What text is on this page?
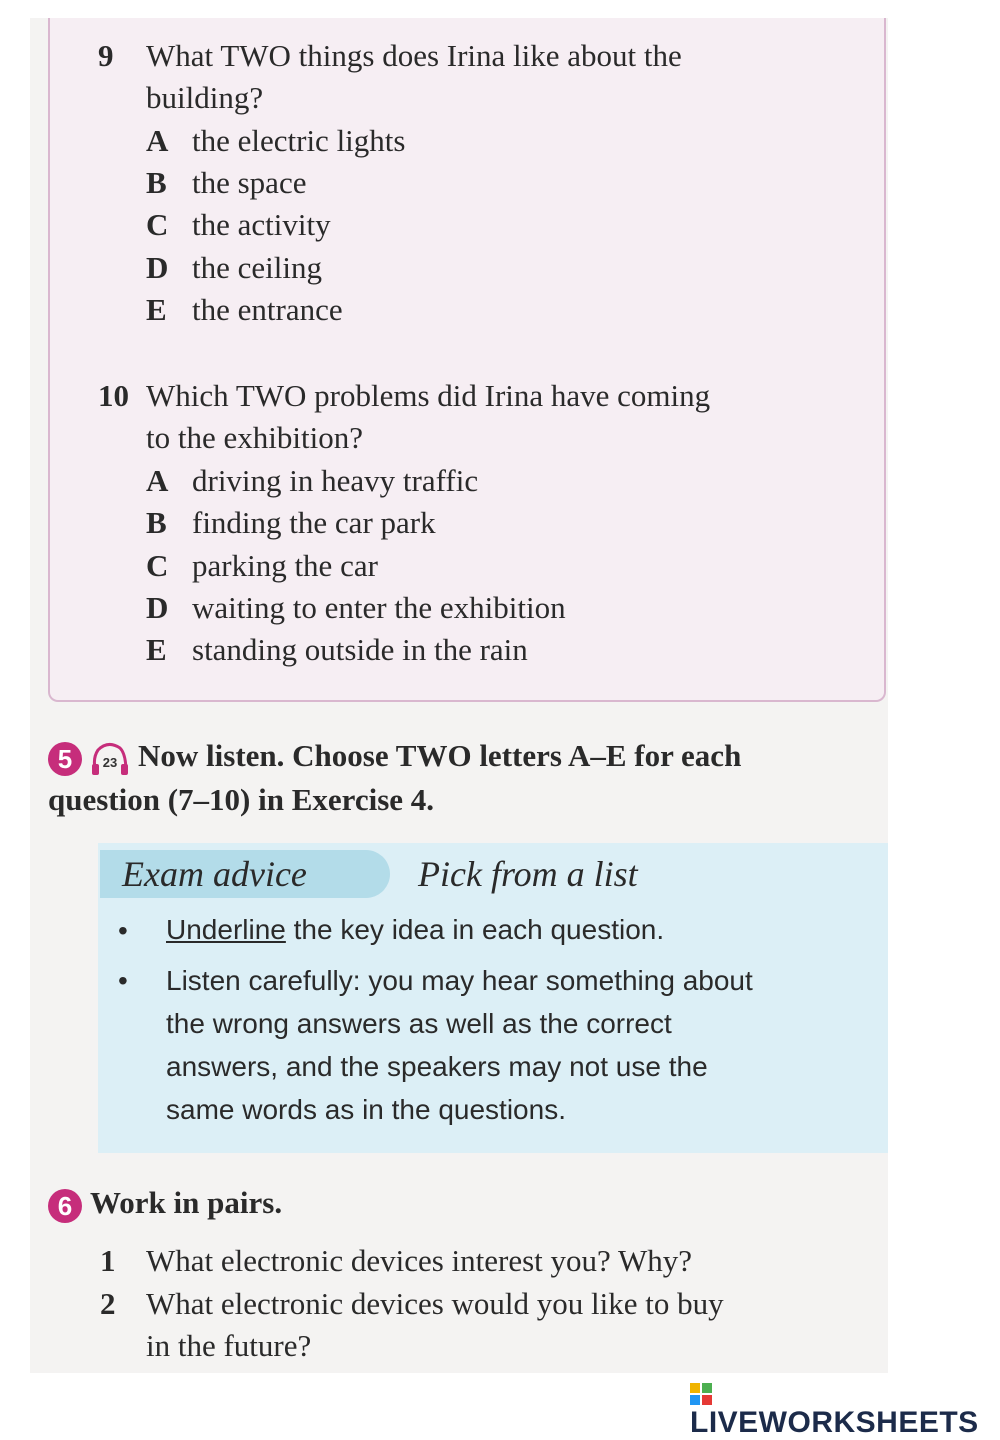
9 What TWO things does Irina like about the
building?
A the electric lights
B the space
C the activity
D the ceiling
E the entrance
10 Which TWO problems did Irina have coming
to the exhibition?
A driving in heavy traffic
B finding the car park
C parking the car
D waiting to enter the exhibition
E standing outside in the rain
5 23 Now listen. Choose TWO letters A–E for each
question (7–10) in Exercise 4.
Exam advice	Pick from a list
• Underline the key idea in each question.
• Listen carefully: you may hear something about
the wrong answers as well as the correct
answers, and the speakers may not use the
same words as in the questions.
6 Work in pairs.
1 What electronic devices interest you? Why?
2 What electronic devices would you like to buy
in the future?
LIVEWORKSHEETS
